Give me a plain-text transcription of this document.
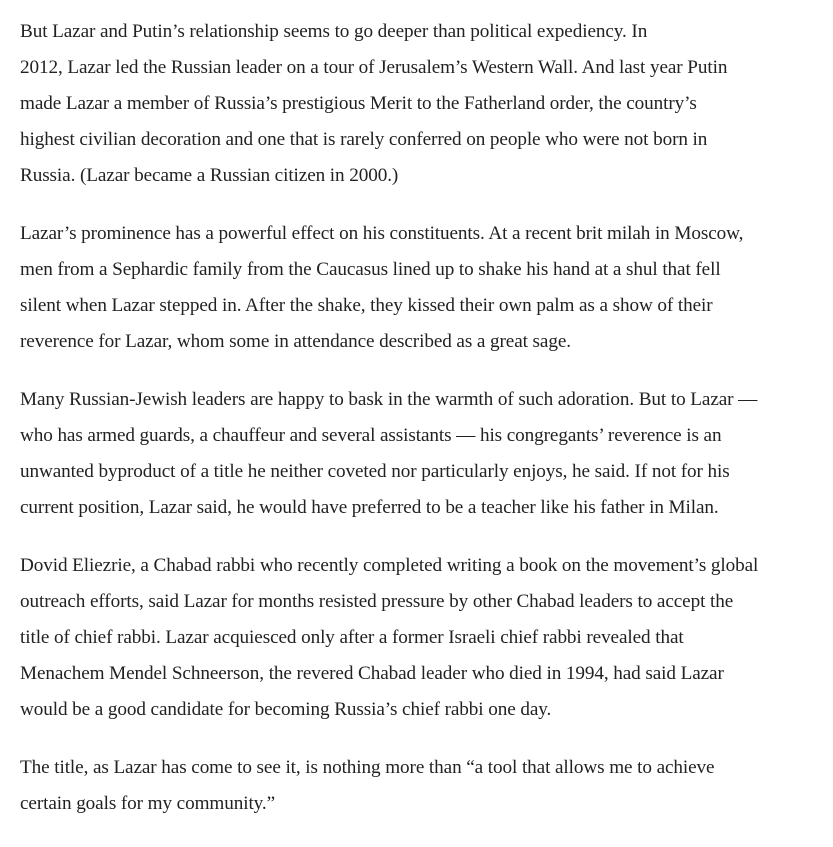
But Lazar and Putin’s relationship seems to go deeper than political expediency. In
2012, Lazar led the Russian leader on a tour of Jerusalem’s Western Wall. And last year Putin
made Lazar a member of Russia’s prestigious Merit to the Fatherland order, the country’s
highest civilian decoration and one that is rarely conferred on people who were not born in
Russia. (Lazar became a Russian citizen in 2000.)

Lazar’s prominence has a powerful effect on his constituents. At a recent brit milah in Moscow,
men from a Sephardic family from the Caucasus lined up to shake his hand at a shul that fell
silent when Lazar stepped in. After the shake, they kissed their own palm as a show of their
reverence for Lazar, whom some in attendance described as a great sage.

Many Russian-Jewish leaders are happy to bask in the warmth of such adoration. But to Lazar —
who has armed guards, a chauffeur and several assistants — his congregants’ reverence is an
unwanted byproduct of a title he neither coveted nor particularly enjoys, he said. If not for his
current position, Lazar said, he would have preferred to be a teacher like his father in Milan.

Dovid Eliezrie, a Chabad rabbi who recently completed writing a book on the movement’s global
outreach efforts, said Lazar for months resisted pressure by other Chabad leaders to accept the
title of chief rabbi. Lazar acquiesced only after a former Israeli chief rabbi revealed that
Menachem Mendel Schneerson, the revered Chabad leader who died in 1994, had said Lazar
would be a good candidate for becoming Russia’s chief rabbi one day.

The title, as Lazar has come to see it, is nothing more than “a tool that allows me to achieve
certain goals for my community.”
